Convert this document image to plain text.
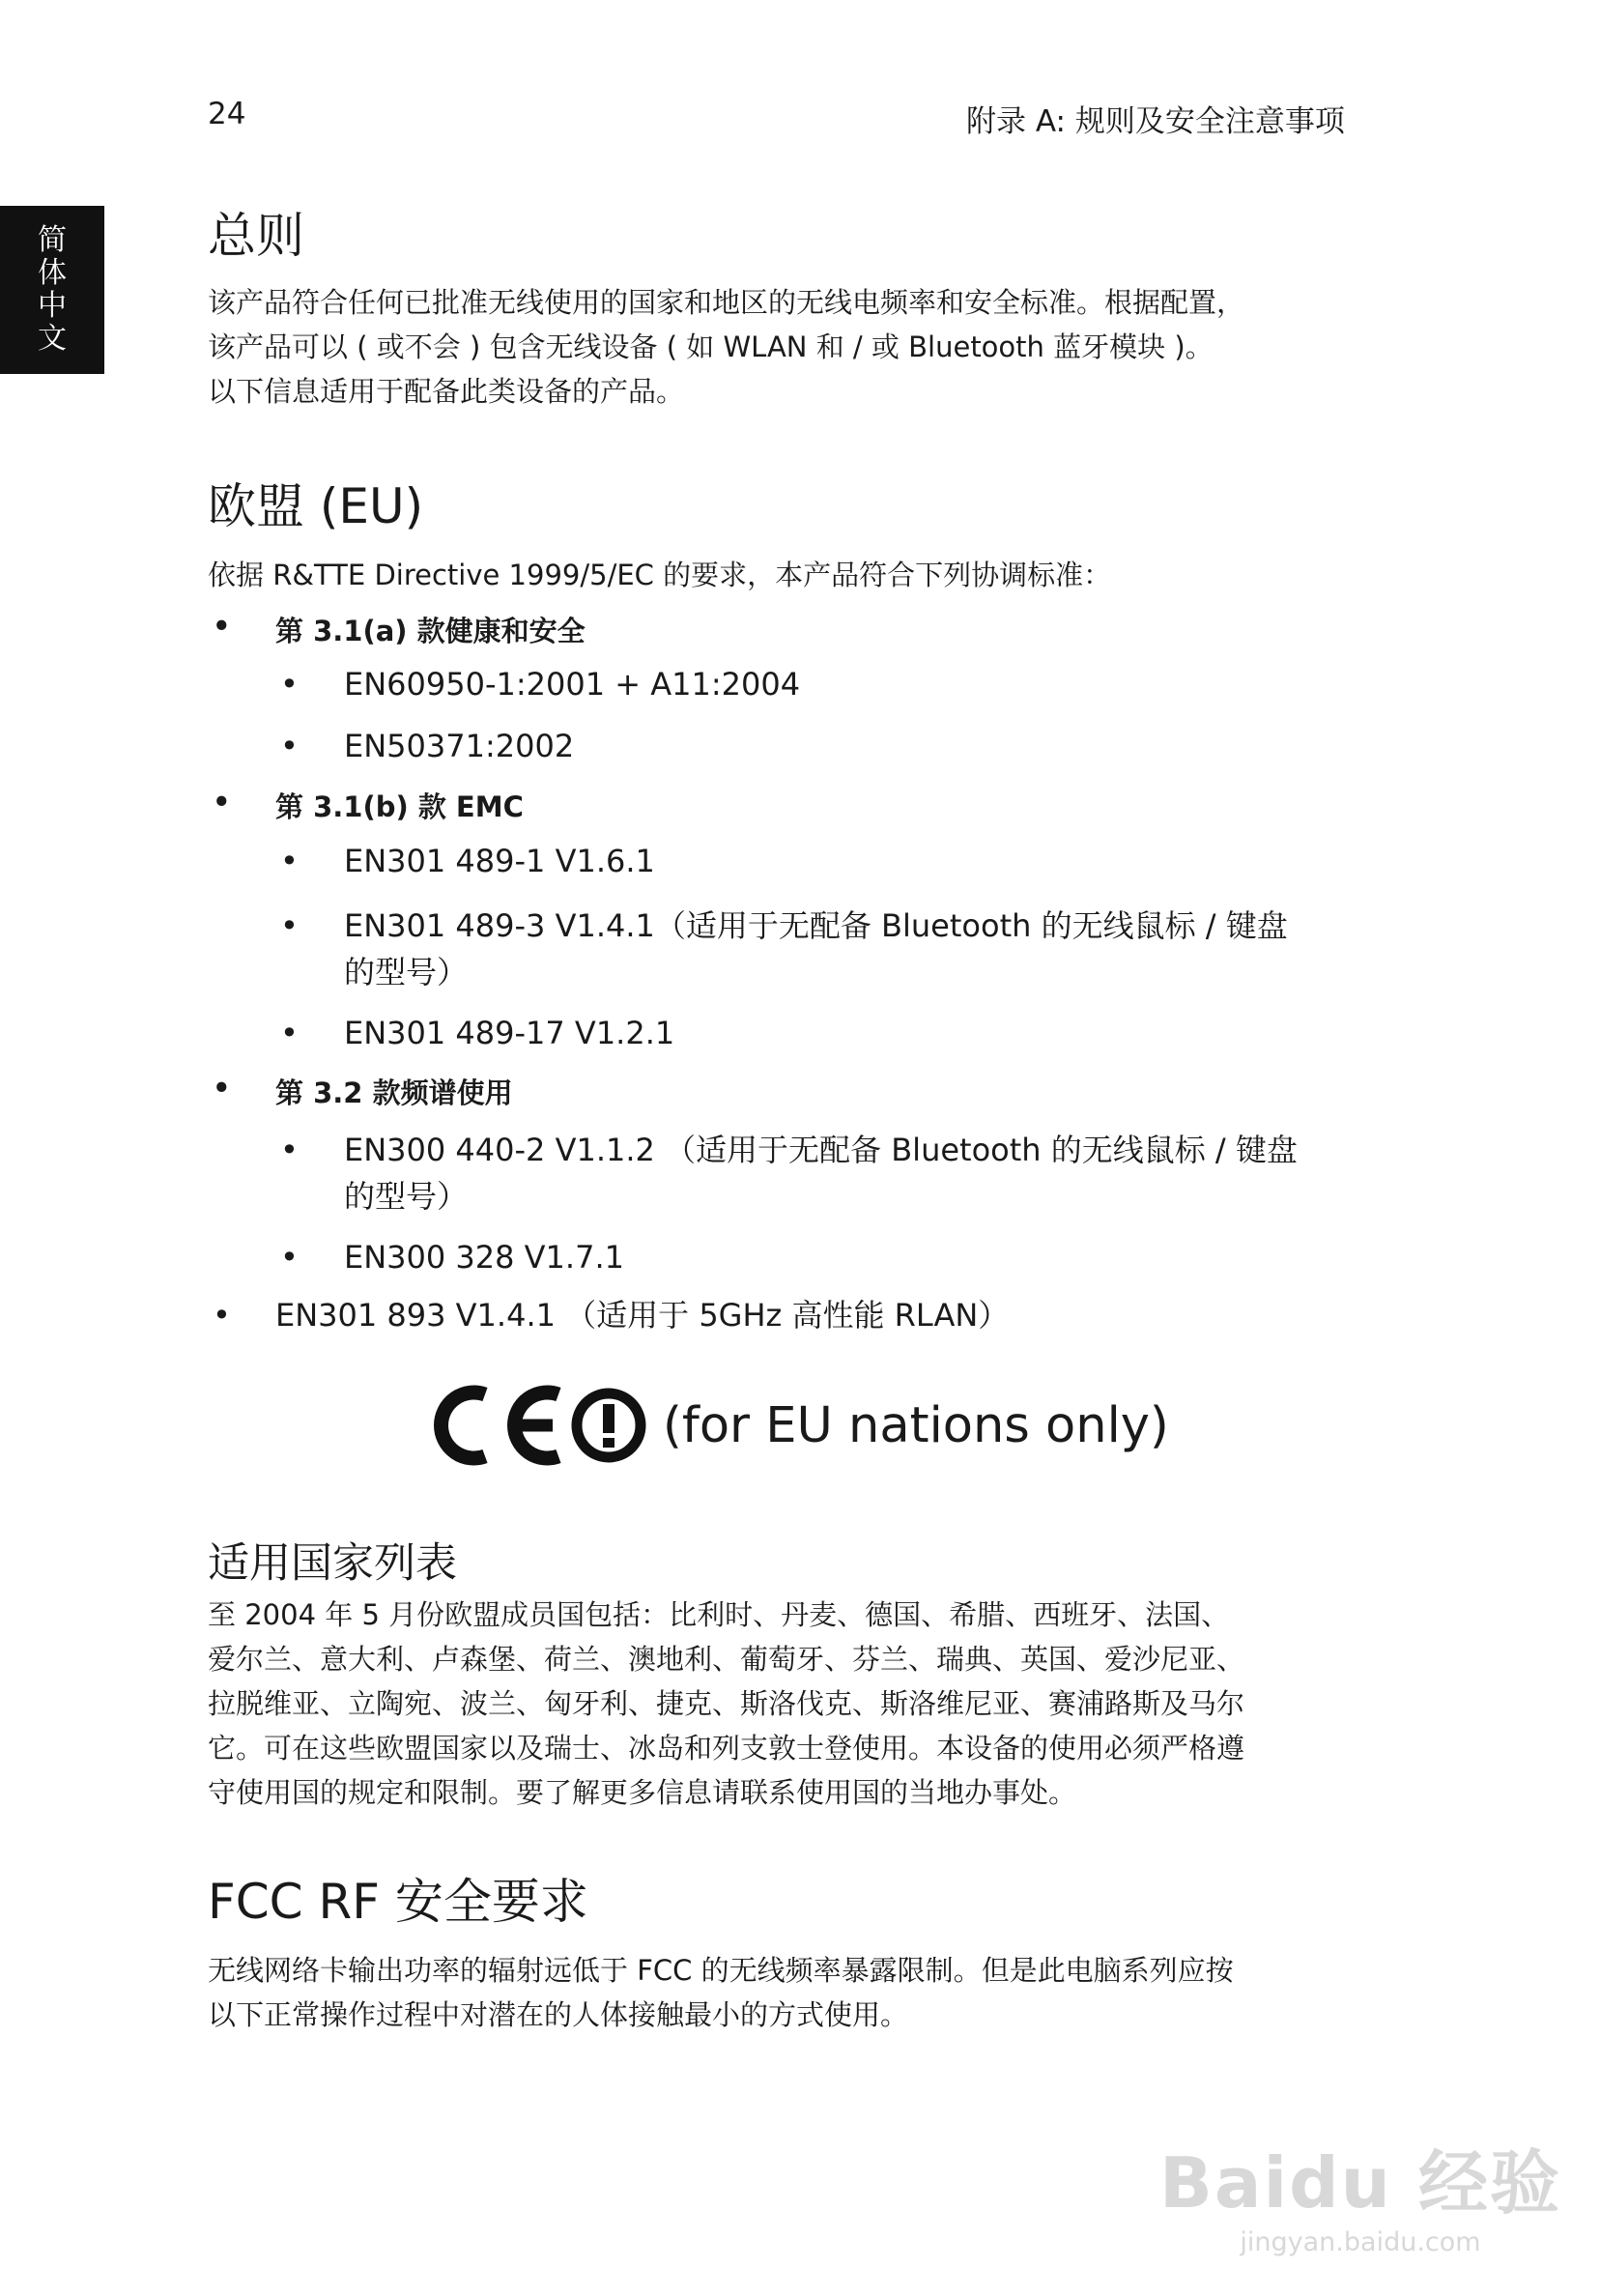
24	附录 A: 规则及安全注意事项
简
体
中
文
总则
该产品符合任何已批准无线使用的国家和地区的无线电频率和安全标准。根据配置，
该产品可以 ( 或不会 ) 包含无线设备 ( 如 WLAN 和 / 或 Bluetooth 蓝牙模块 )。
以下信息适用于配备此类设备的产品。
欧盟 (EU)
依据 R&TTE Directive 1999/5/EC 的要求，本产品符合下列协调标准：
• 第 3.1(a) 款健康和安全
• EN60950-1:2001 + A11:2004
• EN50371:2002
• 第 3.1(b) 款 EMC
• EN301 489-1 V1.6.1
• EN301 489-3 V1.4.1（适用于无配备 Bluetooth 的无线鼠标 / 键盘
的型号）
• EN301 489-17 V1.2.1
• 第 3.2 款频谱使用
• EN300 440-2 V1.1.2 （适用于无配备 Bluetooth 的无线鼠标 / 键盘
的型号）
• EN300 328 V1.7.1
• EN301 893 V1.4.1 （适用于 5GHz 高性能 RLAN）
(for EU nations only)
适用国家列表
至 2004 年 5 月份欧盟成员国包括：比利时、丹麦、德国、希腊、西班牙、法国、
爱尔兰、意大利、卢森堡、荷兰、澳地利、葡萄牙、芬兰、瑞典、英国、爱沙尼亚、
拉脱维亚、立陶宛、波兰、匈牙利、捷克、斯洛伐克、斯洛维尼亚、赛浦路斯及马尔
它。可在这些欧盟国家以及瑞士、冰岛和列支敦士登使用。本设备的使用必须严格遵
守使用国的规定和限制。要了解更多信息请联系使用国的当地办事处。
FCC RF 安全要求
无线网络卡输出功率的辐射远低于 FCC 的无线频率暴露限制。但是此电脑系列应按
以下正常操作过程中对潜在的人体接触最小的方式使用。
Baidu 经验
jingyan.baidu.com
